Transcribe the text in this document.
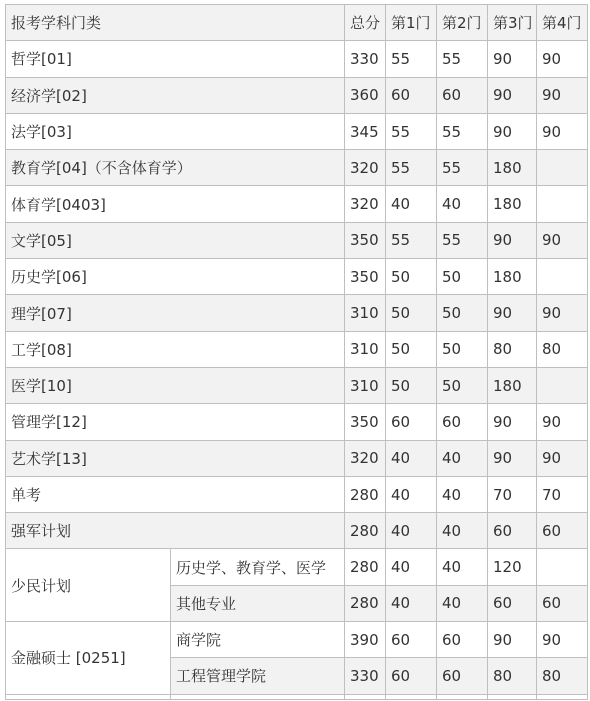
报考学科门类		总分	第1门	第2门	第3门	第4门
哲学[01]		330	55	55	90	90
经济学[02]		360	60	60	90	90
法学[03]		345	55	55	90	90
教育学[04]（不含体育学）		320	55	55	180	
体育学[0403]		320	40	40	180	
文学[05]		350	55	55	90	90
历史学[06]		350	50	50	180	
理学[07]		310	50	50	90	90
工学[08]		310	50	50	80	80
医学[10]		310	50	50	180	
管理学[12]		350	60	60	90	90
艺术学[13]		320	40	40	90	90
单考		280	40	40	70	70
强军计划		280	40	40	60	60
少民计划	历史学、教育学、医学	280	40	40	120	
	其他专业	280	40	40	60	60
金融硕士 [0251]	商学院	390	60	60	90	90
	工程管理学院	330	60	60	80	80
